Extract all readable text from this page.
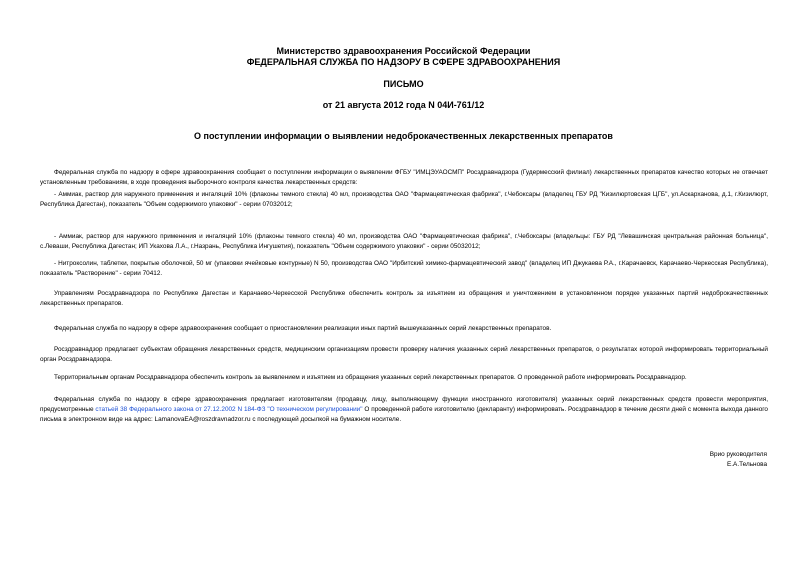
Министерство здравоохранения Российской Федерации
ФЕДЕРАЛЬНАЯ СЛУЖБА ПО НАДЗОРУ В СФЕРЕ ЗДРАВООХРАНЕНИЯ
ПИСЬМО
от 21 августа 2012 года N 04И-761/12
О поступлении информации о выявлении недоброкачественных лекарственных препаратов

Федеральная служба по надзору в сфере здравоохранения сообщает о поступлении информации о выявлении ФГБУ "ИМЦЭУАОСМП" Росздравнадзора (Гудермесский филиал) лекарственных препаратов качество которых не отвечает установленным требованиям, в ходе проведения выборочного контроля качества лекарственных средств:

- Аммиак, раствор для наружного применения и ингаляций 10% (флаконы темного стекла) 40 мл, производства ОАО "Фармацевтическая фабрика", г.Чебоксары (владелец ГБУ РД "Кизилюртовская ЦГБ", ул.Аскарханова, д.1, г.Кизилюрт, Республика Дагестан), показатель "Объем содержимого упаковки" - серии 07032012;

- Аммиак, раствор для наружного применения и ингаляций 10% (флаконы темного стекла) 40 мл, производства ОАО "Фармацевтическая фабрика", г.Чебоксары (владельцы: ГБУ РД "Левашинская центральная районная больница", с.Леваши, Республика Дагестан; ИП Укахова Л.А., г.Назрань, Республика Ингушетия), показатель "Объем содержимого упаковки" - серии 05032012;

- Нитроксолин, таблетки, покрытые оболочкой, 50 мг (упаковки ячейковые контурные) N 50, производства ОАО "Ирбитский химико-фармацевтический завод" (владелец ИП Джукаева Р.А., г.Карачаевск, Карачаево-Черкесская Республика), показатель "Растворение" - серии 70412.

Управлениям Росздравнадзора по Республике Дагестан и Карачаево-Черкесской Республике обеспечить контроль за изъятием из обращения и уничтожением в установленном порядке указанных партий недоброкачественных лекарственных препаратов.

Федеральная служба по надзору в сфере здравоохранения сообщает о приостановлении реализации иных партий вышеуказанных серий лекарственных препаратов.

Росздравнадзор предлагает субъектам обращения лекарственных средств, медицинским организациям провести проверку наличия указанных серий лекарственных препаратов, о результатах которой информировать территориальный орган Росздравнадзора.

Территориальным органам Росздравнадзора обеспечить контроль за выявлением и изъятием из обращения указанных серий лекарственных препаратов. О проведенной работе информировать Росздравнадзор.

Федеральная служба по надзору в сфере здравоохранения предлагает изготовителям (продавцу, лицу, выполняющему функции иностранного изготовителя) указанных серий лекарственных средств провести мероприятия, предусмотренные статьей 38 Федерального закона от 27.12.2002 N 184-ФЗ "О техническом регулировании" О проведенной работе изготовителю (декларанту) информировать. Росздравнадзор в течение десяти дней с момента выхода данного письма в электронном виде на адрес: LamanovaEA@roszdravnadzor.ru с последующей досылкой на бумажном носителе.

Врио руководителя
Е.А.Тельнова
